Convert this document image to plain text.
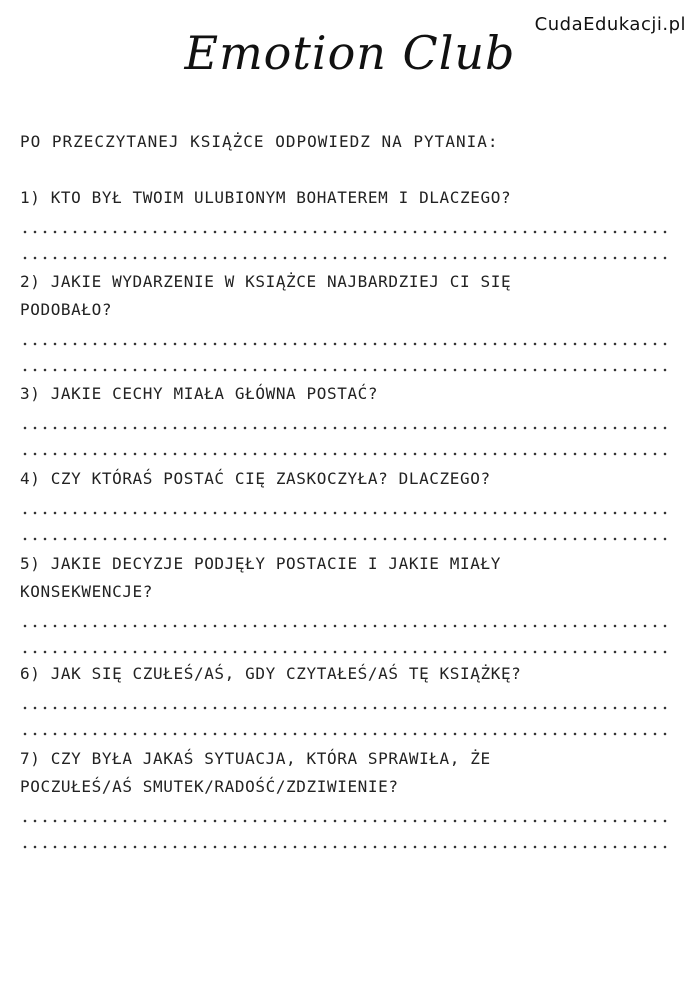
CudaEdukacji.pl
Emotion Club
PO PRZECZYTANEJ KSIĄŻCE ODPOWIEDZ NA PYTANIA:
1) KTO BYŁ TWOIM ULUBIONYM BOHATEREM I DLACZEGO?
2) JAKIE WYDARZENIE W KSIĄŻCE NAJBARDZIEJ CI SIĘ
PODOBAŁO?
3) JAKIE CECHY MIAŁA GŁÓWNA POSTAĆ?
4) CZY KTÓRAŚ POSTAĆ CIĘ ZASKOCZYŁA? DLACZEGO?
5) JAKIE DECYZJE PODJĘŁY POSTACIE I JAKIE MIAŁY
KONSEKWENCJE?
6) JAK SIĘ CZUŁEŚ/AŚ, GDY CZYTAŁEŚ/AŚ TĘ KSIĄŻKĘ?
7) CZY BYŁA JAKAŚ SYTUACJA, KTÓRA SPRAWIŁA, ŻE
POCZUŁEŚ/AŚ SMUTEK/RADOŚĆ/ZDZIWIENIE?
